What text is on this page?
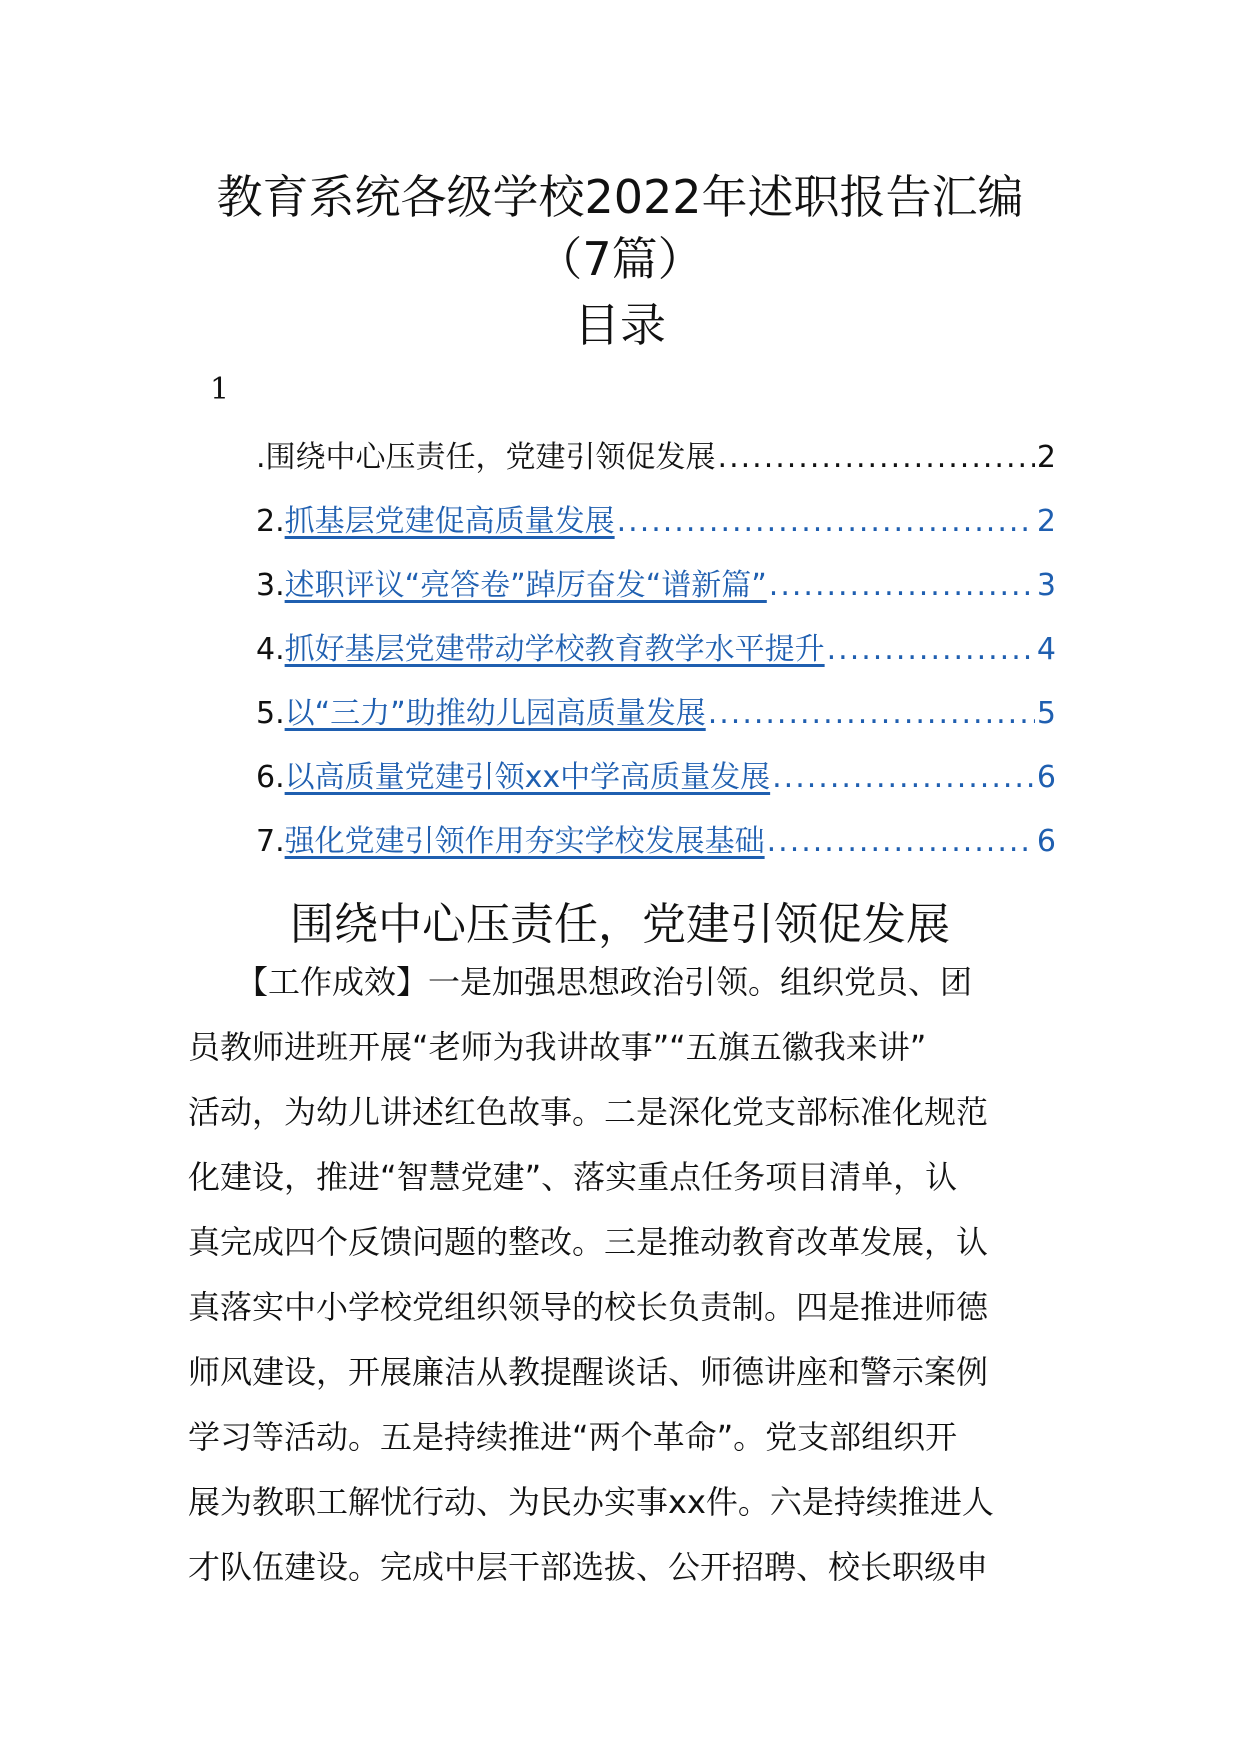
教育系统各级学校2022年述职报告汇编
（7篇）
目录
1
.围绕中心压责任，党建引领促发展 .....	2
2. 抓基层党建促高质量发展 .....	2
3. 述职评议“亮答卷”踔厉奋发“谱新篇” .....	3
4. 抓好基层党建带动学校教育教学水平提升 .....	4
5. 以“三力”助推幼儿园高质量发展 .....	5
6. 以高质量党建引领xx中学高质量发展 .....	6
7. 强化党建引领作用夯实学校发展基础 .....	6
围绕中心压责任，党建引领促发展
　　【工作成效】一是加强思想政治引领。组织党员、团
员教师进班开展“老师为我讲故事”“五旗五徽我来讲”
活动，为幼儿讲述红色故事。二是深化党支部标准化规范
化建设，推进“智慧党建”、落实重点任务项目清单，认
真完成四个反馈问题的整改。三是推动教育改革发展，认
真落实中小学校党组织领导的校长负责制。四是推进师德
师风建设，开展廉洁从教提醒谈话、师德讲座和警示案例
学习等活动。五是持续推进“两个革命”。党支部组织开
展为教职工解忧行动、为民办实事xx件。六是持续推进人
才队伍建设。完成中层干部选拔、公开招聘、校长职级申
